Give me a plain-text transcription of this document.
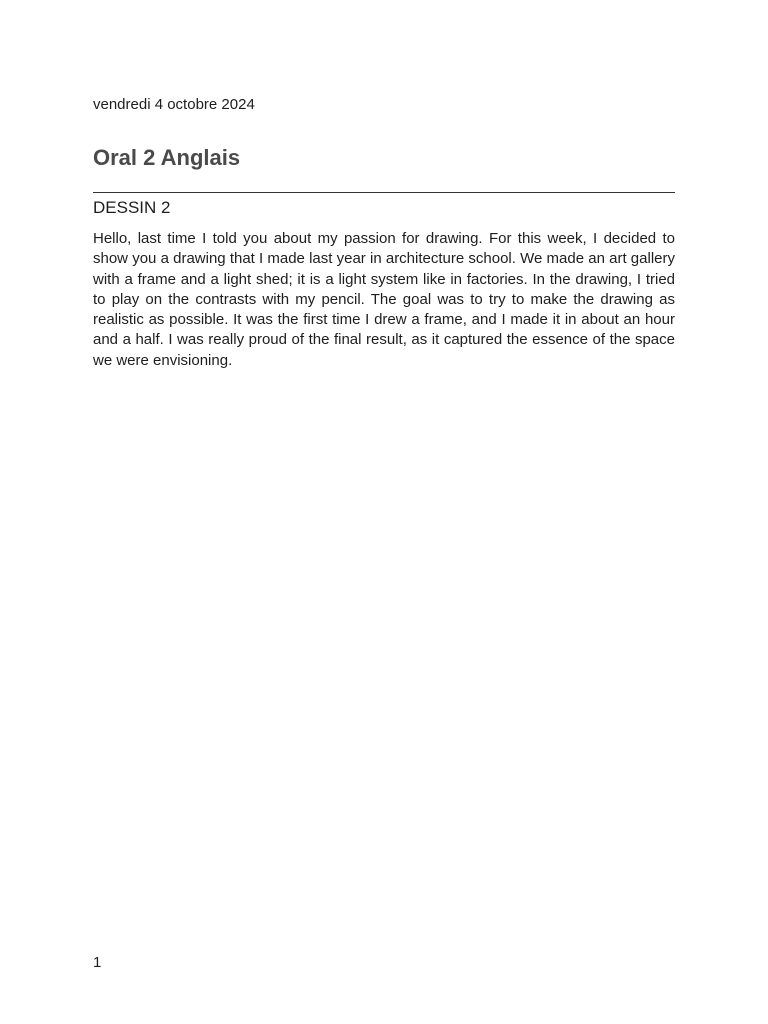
vendredi 4 octobre 2024
Oral 2 Anglais
DESSIN 2

Hello, last time I told you about my passion for drawing. For this week, I decided to show you a drawing that I made last year in architecture school. We made an art gallery with a frame and a light shed; it is a light system like in factories. In the drawing, I tried to play on the contrasts with my pencil. The goal was to try to make the drawing as realistic as possible. It was the first time I drew a frame, and I made it in about an hour and a half. I was really proud of the final result, as it captured the essence of the space we were envisioning.

1
